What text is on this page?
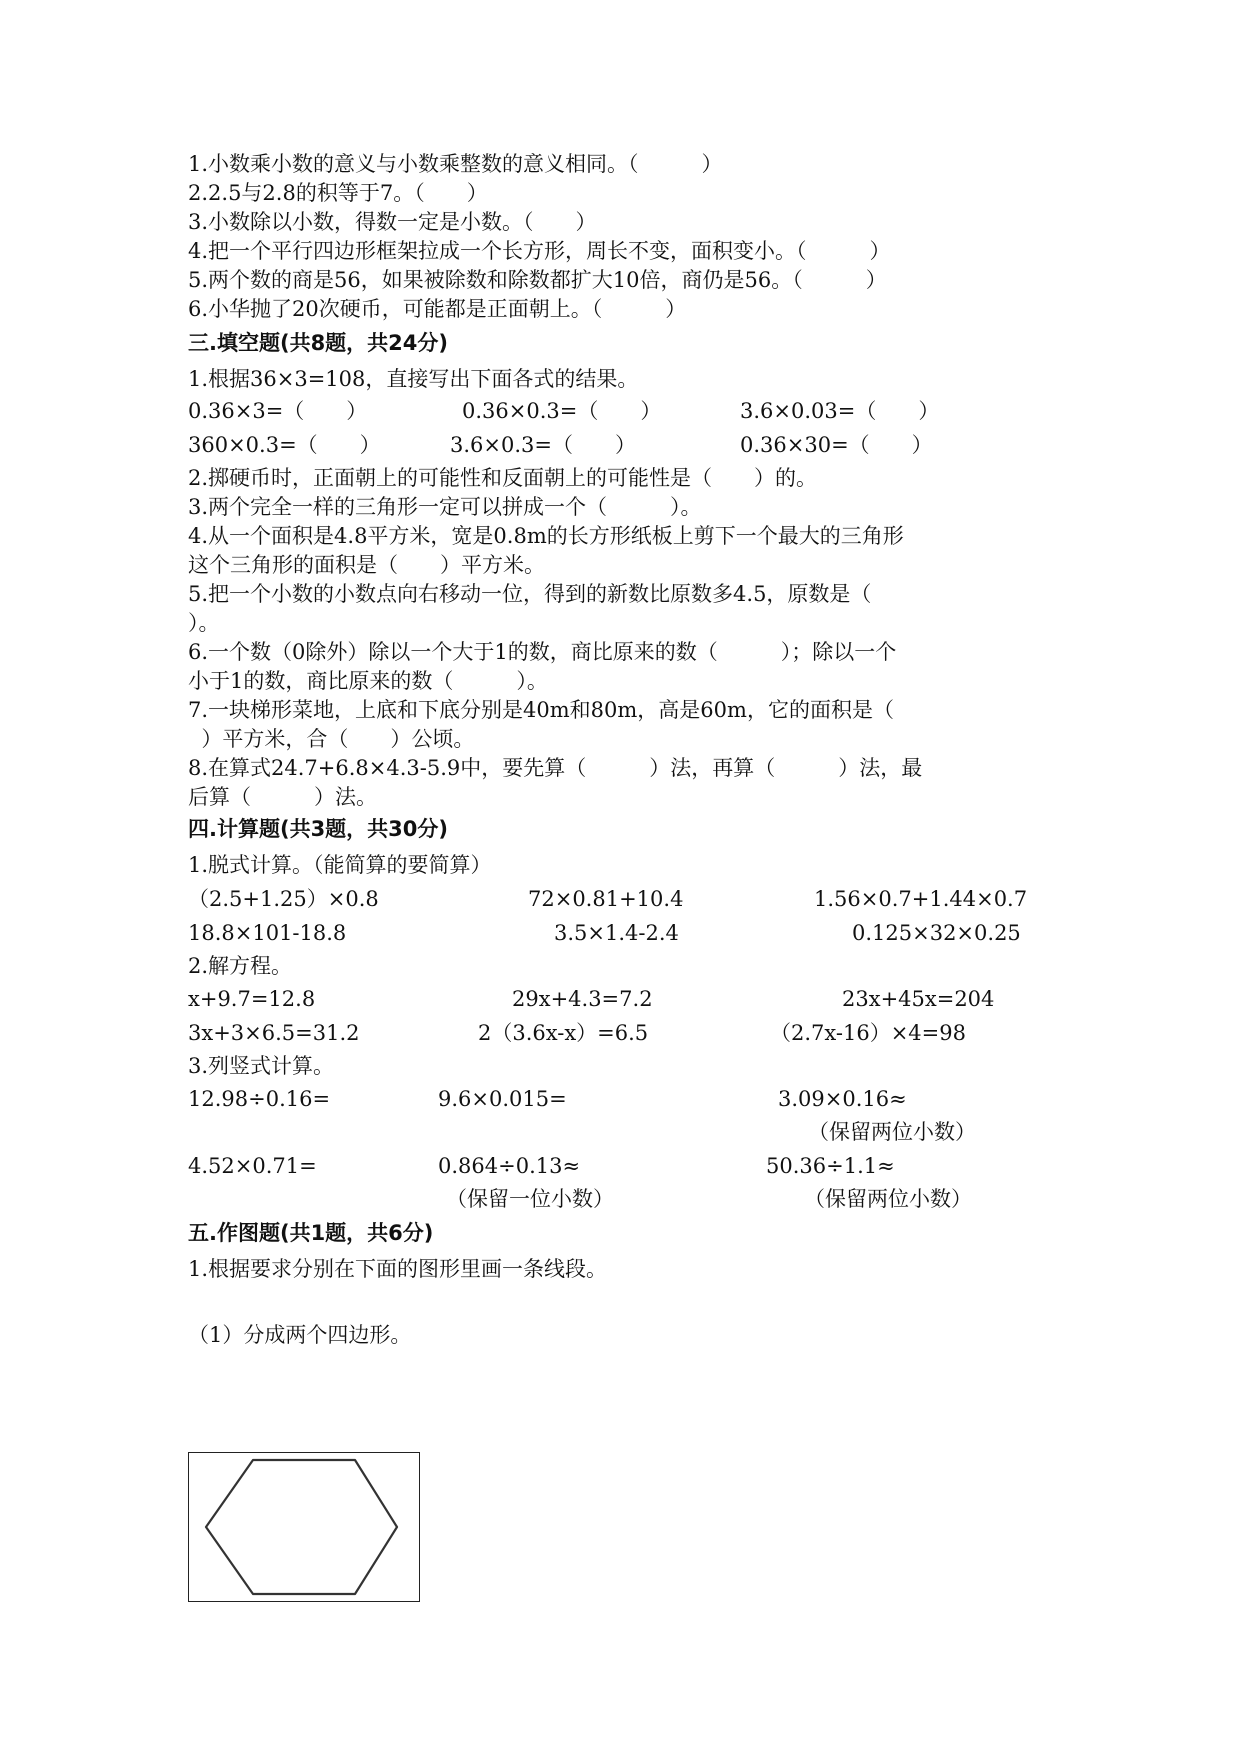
1.小数乘小数的意义与小数乘整数的意义相同。（　　　）
2.2.5与2.8的积等于7。（　　）
3.小数除以小数，得数一定是小数。（　　）
4.把一个平行四边形框架拉成一个长方形，周长不变，面积变小。（　　　）
5.两个数的商是56，如果被除数和除数都扩大10倍，商仍是56。（　　　）
6.小华抛了20次硬币，可能都是正面朝上。（　　　）
三.填空题(共8题，共24分)
1.根据36×3=108，直接写出下面各式的结果。
0.36×3=（　　）	0.36×0.3=（　　）	3.6×0.03=（　　）
360×0.3=（　　）	3.6×0.3=（　　）	0.36×30=（　　）
2.掷硬币时，正面朝上的可能性和反面朝上的可能性是（　　）的。
3.两个完全一样的三角形一定可以拼成一个（　　　）。
4.从一个面积是4.8平方米，宽是0.8m的长方形纸板上剪下一个最大的三角形
这个三角形的面积是（　　）平方米。
5.把一个小数的小数点向右移动一位，得到的新数比原数多4.5，原数是（
）。
6.一个数（0除外）除以一个大于1的数，商比原来的数（　　　）；除以一个
小于1的数，商比原来的数（　　　）。
7.一块梯形菜地，上底和下底分别是40m和80m，高是60m，它的面积是（
）平方米，合（　　）公顷。
8.在算式24.7+6.8×4.3-5.9中，要先算（　　　）法，再算（　　　）法，最
后算（　　　）法。
四.计算题(共3题，共30分)
1.脱式计算。（能简算的要简算）
（2.5+1.25）×0.8	72×0.81+10.4	1.56×0.7+1.44×0.7
18.8×101-18.8	3.5×1.4-2.4	0.125×32×0.25
2.解方程。
x+9.7=12.8	29x+4.3=7.2	23x+45x=204
3x+3×6.5=31.2	2（3.6x-x）=6.5	（2.7x-16）×4=98
3.列竖式计算。
12.98÷0.16=	9.6×0.015=	3.09×0.16≈
（保留两位小数）
4.52×0.71=	0.864÷0.13≈	50.36÷1.1≈
（保留一位小数）	（保留两位小数）
五.作图题(共1题，共6分)
1.根据要求分别在下面的图形里画一条线段。
（1）分成两个四边形。
